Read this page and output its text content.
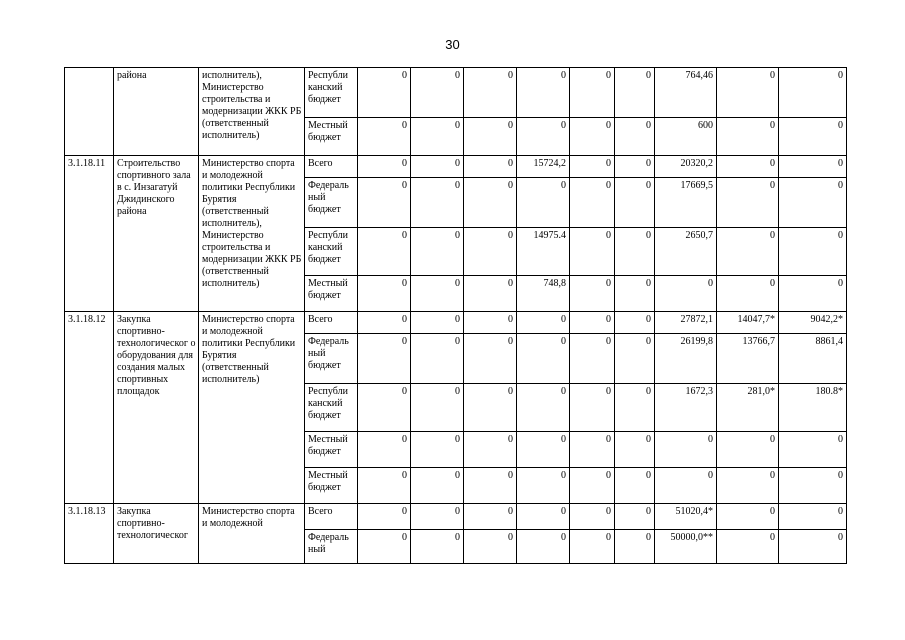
30
	района	исполнитель), Министерство строительства и модернизации ЖКК РБ (ответственный исполнитель)	Республи канский бюджет	0	0	0	0	0	0	764,46	0	0
			Местный бюджет	0	0	0	0	0	0	600	0	0
3.1.18.11	Строительство спортивного зала в с. Инзагатуй Джидинского района	Министерство спорта и молодежной политики Республики Бурятия (ответственный исполнитель), Министерство строительства и модернизации ЖКК РБ (ответственный исполнитель)	Всего	0	0	0	15724,2	0	0	20320,2	0	0
			Федераль ный бюджет	0	0	0	0	0	0	17669,5	0	0
			Республи канский бюджет	0	0	0	14975.4	0	0	2650,7	0	0
			Местный бюджет	0	0	0	748,8	0	0	0	0	0
3.1.18.12	Закупка спортивно-технологическог о оборудования для создания малых спортивных площадок	Министерство спорта и молодежной политики Республики Бурятия (ответственный исполнитель)	Всего	0	0	0	0	0	0	27872,1	14047,7*	9042,2*
			Федераль ный бюджет	0	0	0	0	0	0	26199,8	13766,7	8861,4
			Республи канский бюджет	0	0	0	0	0	0	1672,3	281,0*	180.8*
			Местный бюджет	0	0	0	0	0	0	0	0	0
			Местный бюджет	0	0	0	0	0	0	0	0	0
3.1.18.13	Закупка спортивно-технологическог	Министерство спорта и молодежной	Всего	0	0	0	0	0	0	51020,4*	0	0
			Федераль ный	0	0	0	0	0	0	50000,0**	0	0
